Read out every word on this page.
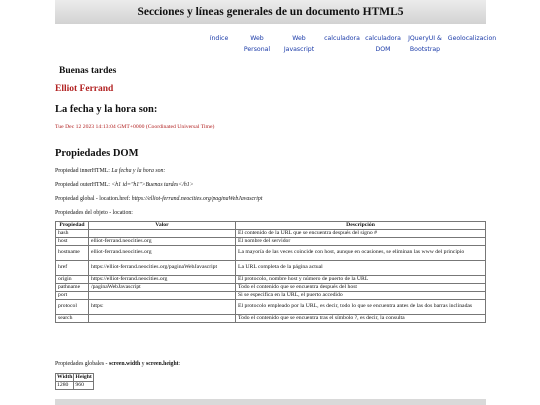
Secciones y líneas generales de un documento HTML5
índice	Web Personal
Web Javascript
calculadora calculadora DOM
JQueryUI & Bootstrap
Geolocalizacion
Buenas tardes
Elliot Ferrand
La fecha y la hora son:
Tue Dec 12 2023 14:13:04 GMT+0000 (Coordinated Universal Time)
Propiedades DOM
Propiedad innerHTML: La fecha y la hora son:
Propiedad outerHTML: <h1 id="h1">Buenas tardes</h1>
Propiedad global - location.href: https://elliot-ferrand.neocities.org/paginaWebJavascript
Propiedades del objeto - location:
Propiedad	Valor	Descripción
hash		El contenido de la URL que se encuentra después del signo #
host	elliot-ferrand.neocities.org	El nombre del servidor
hostname	elliot-ferrand.neocities.org	La mayoría de las veces coincide con host, aunque en ocasiones, se eliminan las www del principio
href	https://elliot-ferrand.neocities.org/paginaWebJavascript	La URL completa de la página actual
origin	https://elliot-ferrand.neocities.org	El protocolo, nombre host y número de puerto de la URL
pathname	/paginaWebJavascript	Todo el contenido que se encuentra después del host
port		Si se especifica en la URL, el puerto accedido
protocol	https:	El protocolo empleado por la URL, es decir, todo lo que se encuentra antes de las dos barras inclinadas
search		Todo el contenido que se encuentra tras el símbolo ?, es decir, la consulta
Propiedades globales - screen.width y screen.height:
Width	Height
1280	960
